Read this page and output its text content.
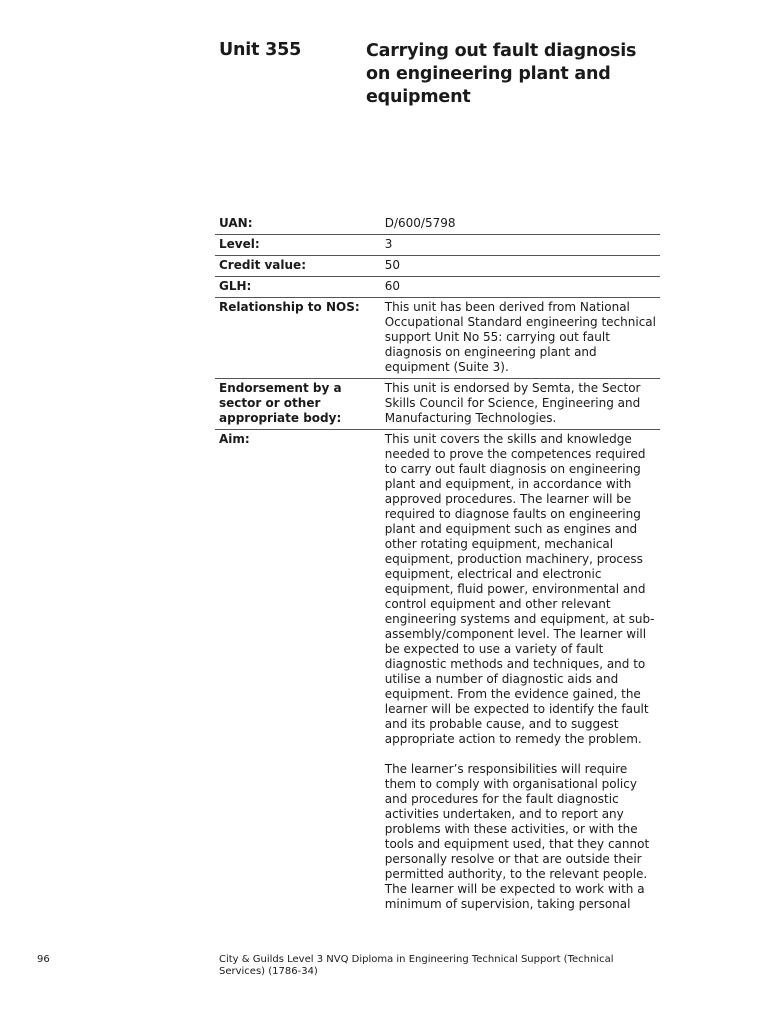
Unit 355	Carrying out fault diagnosis on engineering plant and equipment
UAN:	D/600/5798
Level:	3
Credit value:	50
GLH:	60
Relationship to NOS:	This unit has been derived from National Occupational Standard engineering technical support Unit No 55: carrying out fault diagnosis on engineering plant and equipment (Suite 3).
Endorsement by a sector or other appropriate body:	This unit is endorsed by Semta, the Sector Skills Council for Science, Engineering and Manufacturing Technologies.
Aim:	This unit covers the skills and knowledge needed to prove the competences required to carry out fault diagnosis on engineering plant and equipment, in accordance with approved procedures. The learner will be required to diagnose faults on engineering plant and equipment such as engines and other rotating equipment, mechanical equipment, production machinery, process equipment, electrical and electronic equipment, fluid power, environmental and control equipment and other relevant engineering systems and equipment, at sub-assembly/component level. The learner will be expected to use a variety of fault diagnostic methods and techniques, and to utilise a number of diagnostic aids and equipment. From the evidence gained, the learner will be expected to identify the fault and its probable cause, and to suggest appropriate action to remedy the problem.

The learner’s responsibilities will require them to comply with organisational policy and procedures for the fault diagnostic activities undertaken, and to report any problems with these activities, or with the tools and equipment used, that they cannot personally resolve or that are outside their permitted authority, to the relevant people. The learner will be expected to work with a minimum of supervision, taking personal

96	City & Guilds Level 3 NVQ Diploma in Engineering Technical Support (Technical Services) (1786-34)
